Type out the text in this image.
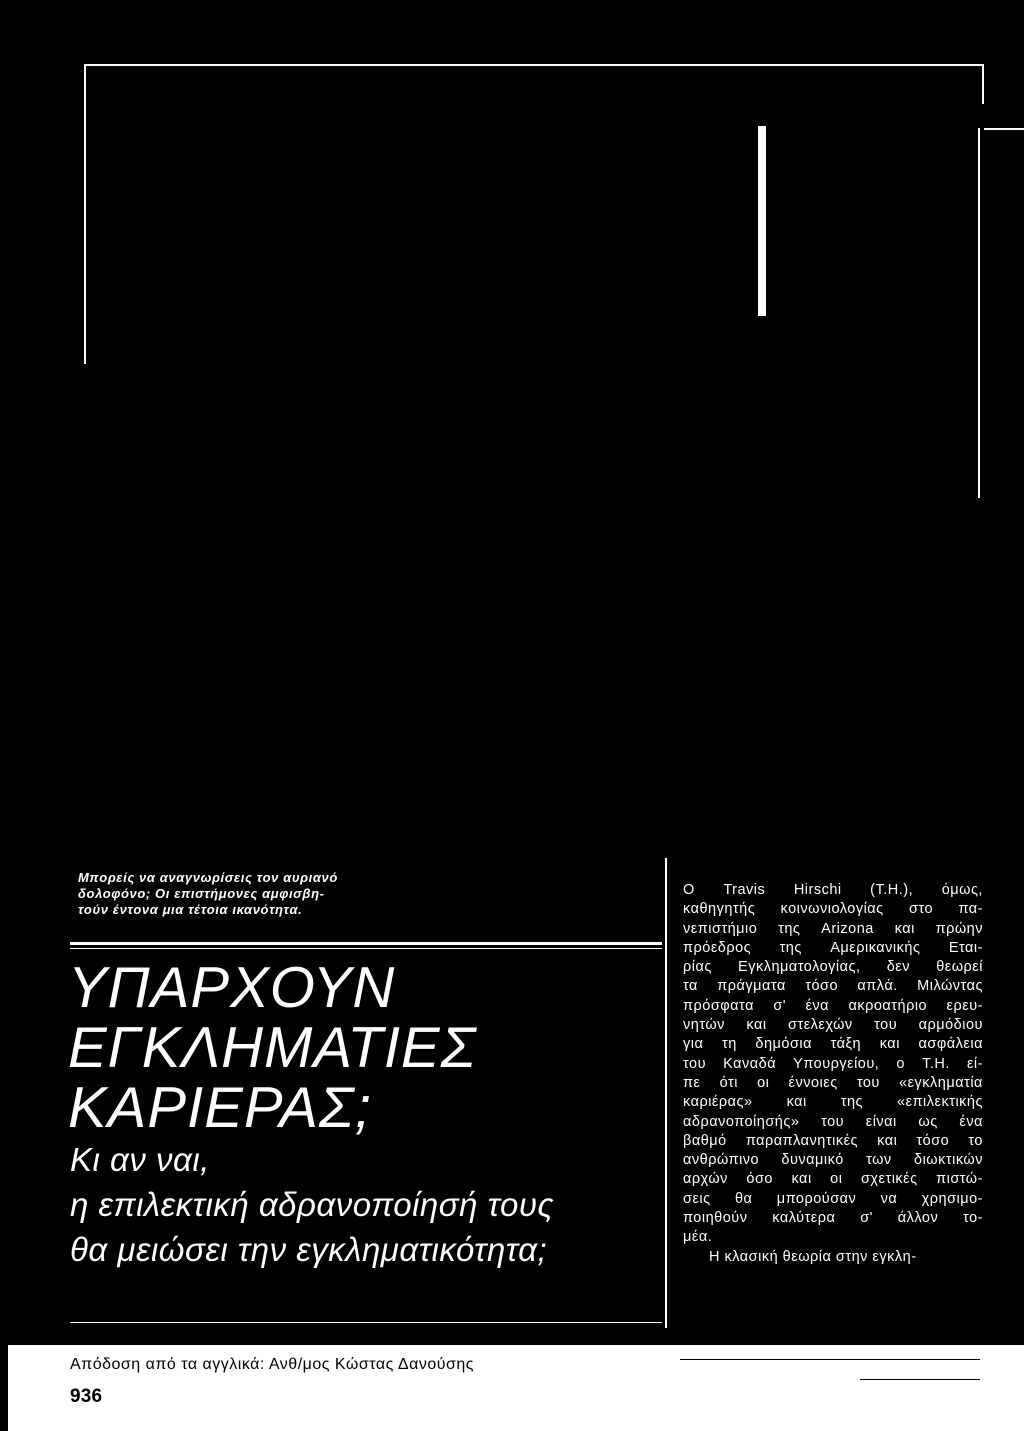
Μπορείς να αναγνωρίσεις τον αυριανό
δολοφόνο; Οι επιστήμονες αμφισβη-
τούν έντονα μια τέτοια ικανότητα.
ΥΠΑΡΧΟΥΝ
ΕΓΚΛΗΜΑΤΙΕΣ
ΚΑΡΙΕΡΑΣ;
Κι αν ναι,
η επιλεκτική αδρανοποίησή τους
θα μειώσει την εγκληματικότητα;
Ο Travis Hirschi (Τ.Η.), όμως,
καθηγητής κοινωνιολογίας στο πα-
νεπιστήμιο της Arizona και πρώην
πρόεδρος της Αμερικανικής Εται-
ρίας Εγκληματολογίας, δεν θεωρεί
τα πράγματα τόσο απλά. Μιλώντας
πρόσφατα σ' ένα ακροατήριο ερευ-
νητών και στελεχών του αρμόδιου
για τη δημόσια τάξη και ασφάλεια
του Καναδά Υπουργείου, ο Τ.Η. εί-
πε ότι οι έννοιες του «εγκληματία
καριέρας» και της «επιλεκτικής
αδρανοποίησής» του είναι ως ένα
βαθμό παραπλανητικές και τόσο το
ανθρώπινο δυναμικό των διωκτικών
αρχών όσο και οι σχετικές πιστώ-
σεις θα μπορούσαν να χρησιμο-
ποιηθούν καλύτερα σ' άλλον το-
μέα.
Η κλασική θεωρία στην εγκλη-
Απόδοση από τα αγγλικά: Ανθ/μος Κώστας Δανούσης
936
